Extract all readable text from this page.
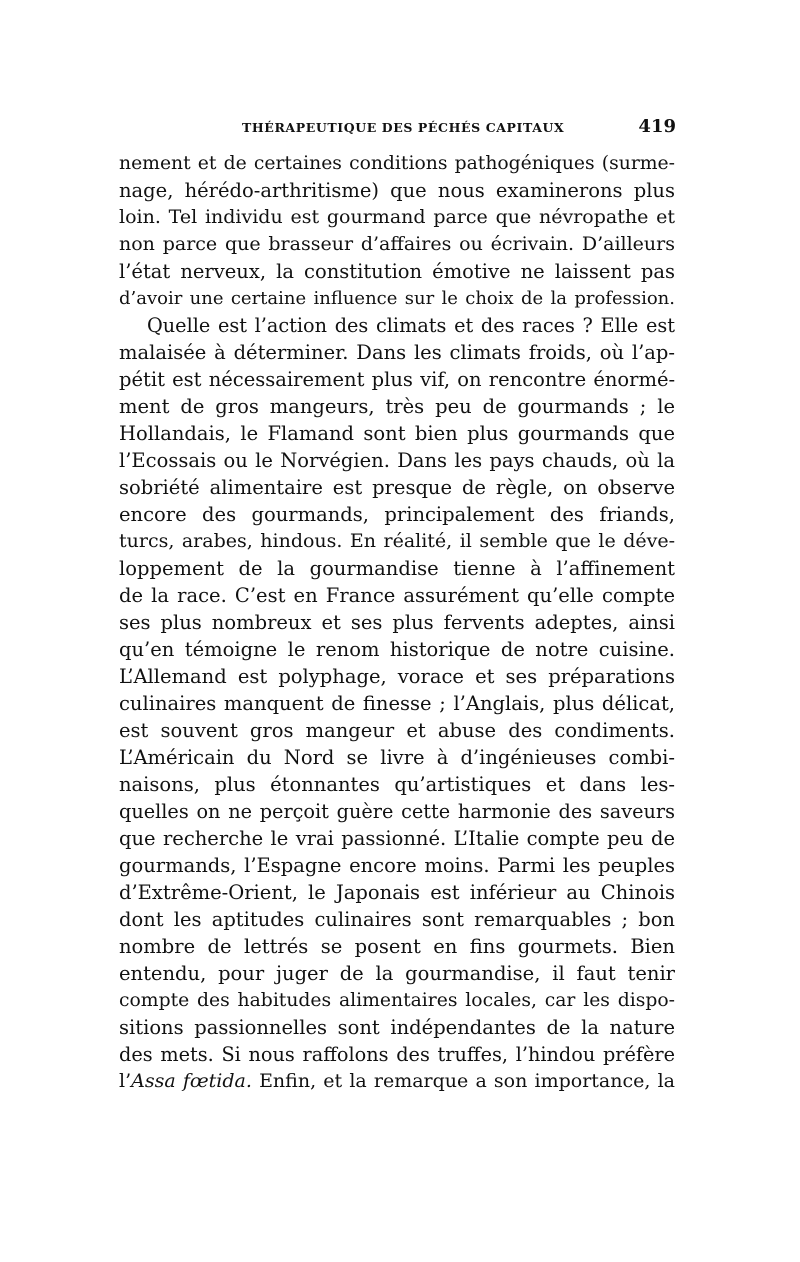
THÉRAPEUTIQUE DES PÉCHÉS CAPITAUX	419
nement et de certaines conditions pathogéniques (surme-
nage, hérédo-arthritisme) que nous examinerons plus
loin. Tel individu est gourmand parce que névropathe et
non parce que brasseur d’affaires ou écrivain. D’ailleurs
l’état nerveux, la constitution émotive ne laissent pas
d’avoir une certaine influence sur le choix de la profession.
Quelle est l’action des climats et des races ? Elle est
malaisée à déterminer. Dans les climats froids, où l’ap-
pétit est nécessairement plus vif, on rencontre énormé-
ment de gros mangeurs, très peu de gourmands ; le
Hollandais, le Flamand sont bien plus gourmands que
l’Ecossais ou le Norvégien. Dans les pays chauds, où la
sobriété alimentaire est presque de règle, on observe
encore des gourmands, principalement des friands,
turcs, arabes, hindous. En réalité, il semble que le déve-
loppement de la gourmandise tienne à l’affinement
de la race. C’est en France assurément qu’elle compte
ses plus nombreux et ses plus fervents adeptes, ainsi
qu’en témoigne le renom historique de notre cuisine.
L’Allemand est polyphage, vorace et ses préparations
culinaires manquent de finesse ; l’Anglais, plus délicat,
est souvent gros mangeur et abuse des condiments.
L’Américain du Nord se livre à d’ingénieuses combi-
naisons, plus étonnantes qu’artistiques et dans les-
quelles on ne perçoit guère cette harmonie des saveurs
que recherche le vrai passionné. L’Italie compte peu de
gourmands, l’Espagne encore moins. Parmi les peuples
d’Extrême-Orient, le Japonais est inférieur au Chinois
dont les aptitudes culinaires sont remarquables ; bon
nombre de lettrés se posent en fins gourmets. Bien
entendu, pour juger de la gourmandise, il faut tenir
compte des habitudes alimentaires locales, car les dispo-
sitions passionnelles sont indépendantes de la nature
des mets. Si nous raffolons des truffes, l’hindou préfère
l’Assa fœtida. Enfin, et la remarque a son importance, la
